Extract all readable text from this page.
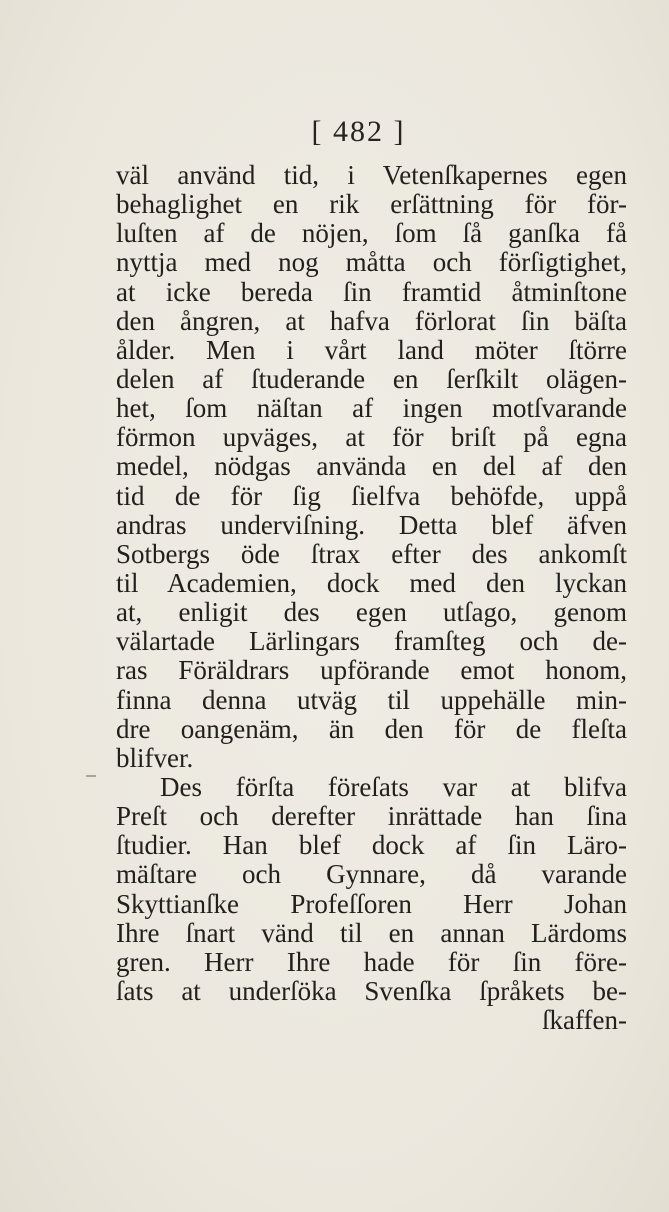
[ 482 ]
väl använd tid, i Vetenſkapernes egen
behaglighet en rik erſättning för för-
luſten af de nöjen, ſom ſå ganſka få
nyttja med nog måtta och förſigtighet,
at icke bereda ſin framtid åtminſtone
den ångren, at hafva förlorat ſin bäſta
ålder. Men i vårt land möter ſtörre
delen af ſtuderande en ſerſkilt olägen-
het, ſom näſtan af ingen motſvarande
förmon upväges, at för briſt på egna
medel, nödgas använda en del af den
tid de för ſig ſielfva behöfde, uppå
andras underviſning. Detta blef äfven
Sotbergs öde ſtrax efter des ankomſt
til Academien, dock med den lyckan
at, enligit des egen utſago, genom
välartade Lärlingars framſteg och de-
ras Föräldrars upförande emot honom,
finna denna utväg til uppehälle min-
dre oangenäm, än den för de fleſta
blifver.
Des förſta föreſats var at blifva
Preſt och derefter inrättade han ſina
ſtudier. Han blef dock af ſin Läro-
mäſtare och Gynnare, då varande
Skyttianſke Profeſſoren Herr Johan
Ihre ſnart vänd til en annan Lärdoms
gren. Herr Ihre hade för ſin före-
ſats at underſöka Svenſka ſpråkets be-
ſkaffen-
